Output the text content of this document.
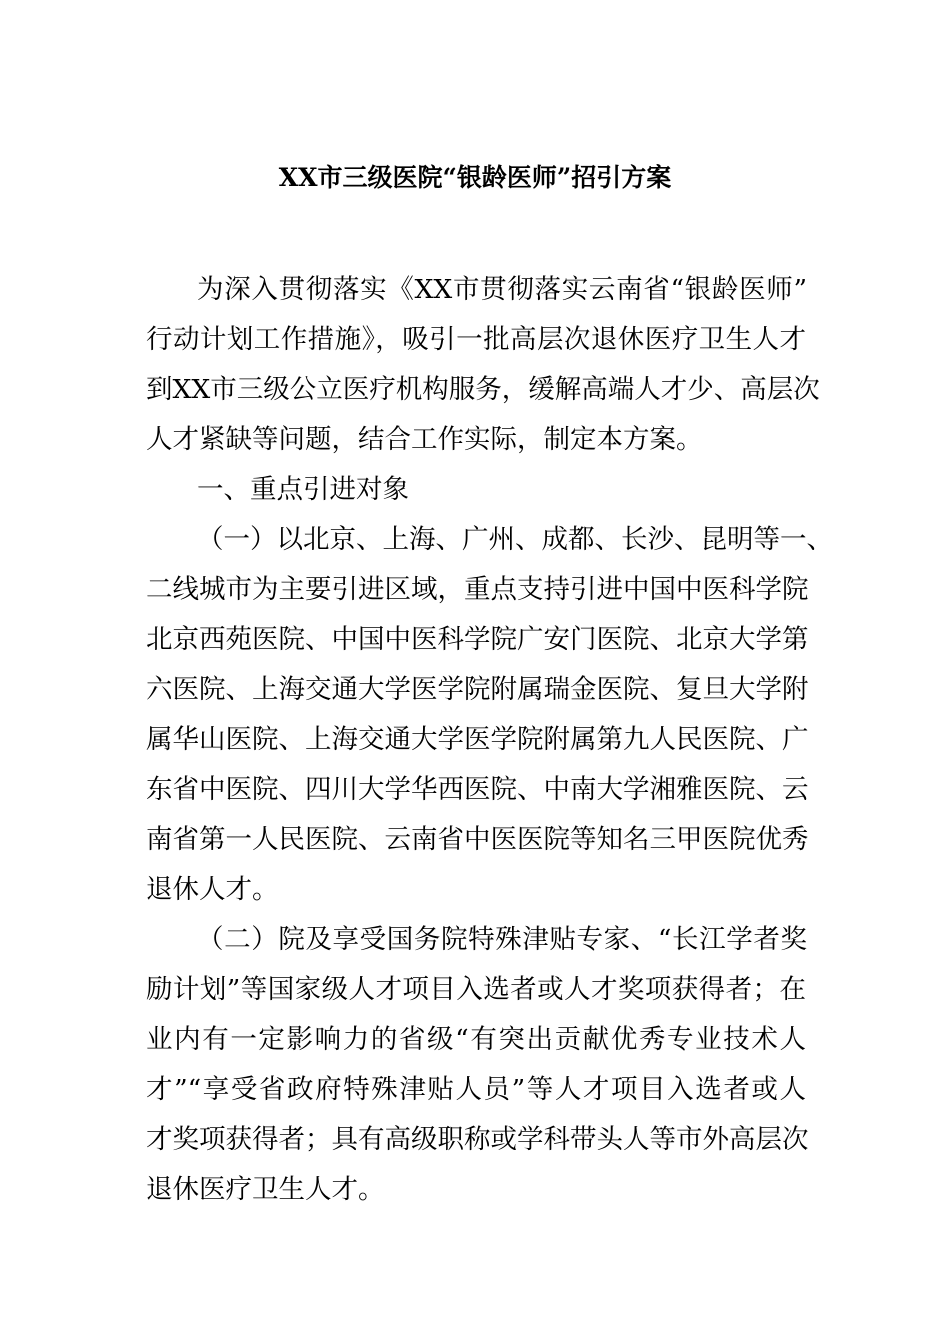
XX市三级医院“银龄医师”招引方案

为深入贯彻落实《XX市贯彻落实云南省“银龄医师”

行动计划工作措施》，吸引一批高层次退休医疗卫生人才

到XX市三级公立医疗机构服务，缓解高端人才少、高层次

人才紧缺等问题，结合工作实际，制定本方案。

一、重点引进对象

（一）以北京、上海、广州、成都、长沙、昆明等一、

二线城市为主要引进区域，重点支持引进中国中医科学院

北京西苑医院、中国中医科学院广安门医院、北京大学第

六医院、上海交通大学医学院附属瑞金医院、复旦大学附

属华山医院、上海交通大学医学院附属第九人民医院、广

东省中医院、四川大学华西医院、中南大学湘雅医院、云

南省第一人民医院、云南省中医医院等知名三甲医院优秀

退休人才。

（二）院及享受国务院特殊津贴专家、“长江学者奖

励计划”等国家级人才项目入选者或人才奖项获得者；在

业内有一定影响力的省级“有突出贡献优秀专业技术人

才”“享受省政府特殊津贴人员”等人才项目入选者或人

才奖项获得者；具有高级职称或学科带头人等市外高层次

退休医疗卫生人才。
